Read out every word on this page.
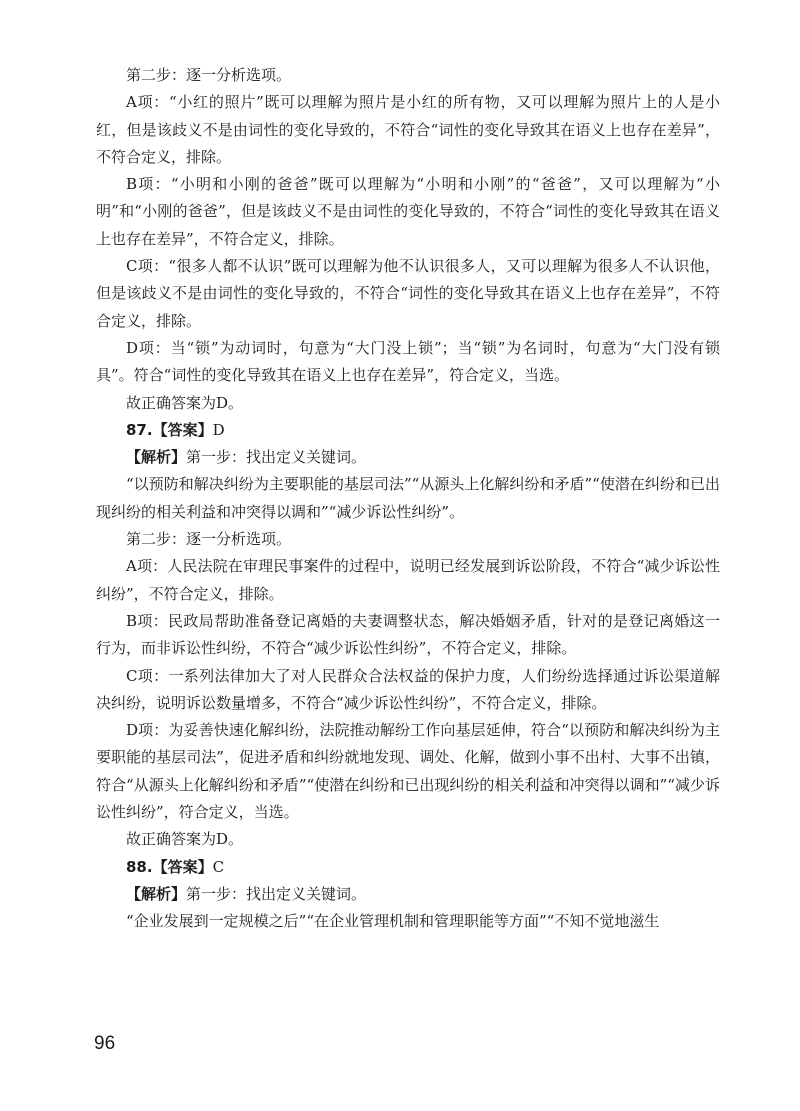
第二步：逐一分析选项。

A项：“小红的照片”既可以理解为照片是小红的所有物，又可以理解为照片上的人是小红，但是该歧义不是由词性的变化导致的，不符合“词性的变化导致其在语义上也存在差异”，不符合定义，排除。

B项：“小明和小刚的爸爸”既可以理解为“小明和小刚”的“爸爸”，又可以理解为“小明”和“小刚的爸爸”，但是该歧义不是由词性的变化导致的，不符合“词性的变化导致其在语义上也存在差异”，不符合定义，排除。

C项：“很多人都不认识”既可以理解为他不认识很多人，又可以理解为很多人不认识他，但是该歧义不是由词性的变化导致的，不符合“词性的变化导致其在语义上也存在差异”，不符合定义，排除。

D项：当“锁”为动词时，句意为“大门没上锁”；当“锁”为名词时，句意为“大门没有锁具”。符合“词性的变化导致其在语义上也存在差异”，符合定义，当选。

故正确答案为D。

87.【答案】D

【解析】第一步：找出定义关键词。

“以预防和解决纠纷为主要职能的基层司法”“从源头上化解纠纷和矛盾”“使潜在纠纷和已出现纠纷的相关利益和冲突得以调和”“减少诉讼性纠纷”。

第二步：逐一分析选项。

A项：人民法院在审理民事案件的过程中，说明已经发展到诉讼阶段，不符合“减少诉讼性纠纷”，不符合定义，排除。

B项：民政局帮助准备登记离婚的夫妻调整状态，解决婚姻矛盾，针对的是登记离婚这一行为，而非诉讼性纠纷，不符合“减少诉讼性纠纷”，不符合定义，排除。

C项：一系列法律加大了对人民群众合法权益的保护力度，人们纷纷选择通过诉讼渠道解决纠纷，说明诉讼数量增多，不符合“减少诉讼性纠纷”，不符合定义，排除。

D项：为妥善快速化解纠纷，法院推动解纷工作向基层延伸，符合“以预防和解决纠纷为主要职能的基层司法”，促进矛盾和纠纷就地发现、调处、化解，做到小事不出村、大事不出镇，符合“从源头上化解纠纷和矛盾”“使潜在纠纷和已出现纠纷的相关利益和冲突得以调和”“减少诉讼性纠纷”，符合定义，当选。

故正确答案为D。

88.【答案】C

【解析】第一步：找出定义关键词。

“企业发展到一定规模之后”“在企业管理机制和管理职能等方面”“不知不觉地滋生

96
